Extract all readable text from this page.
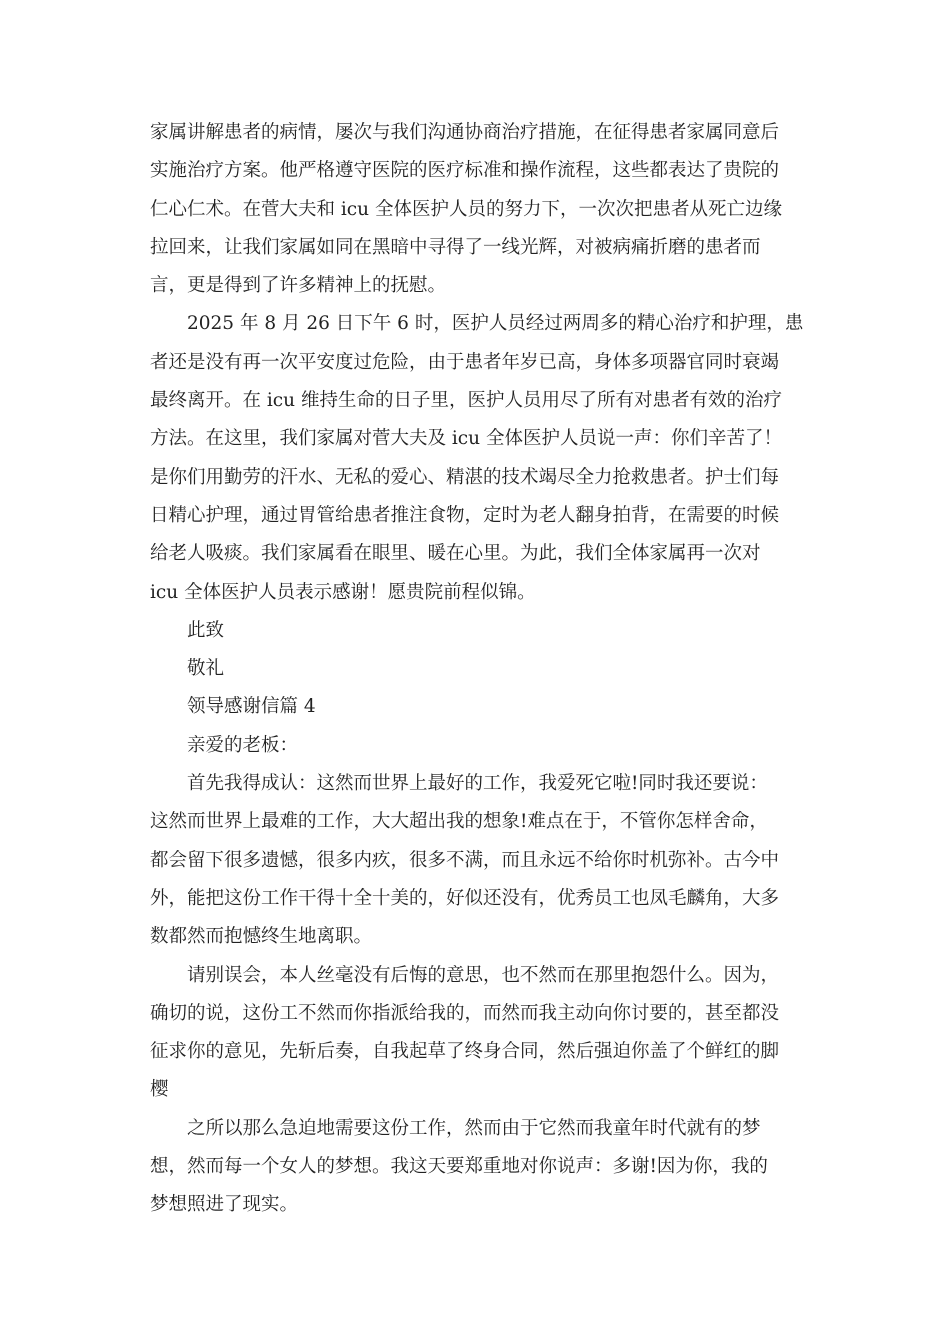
家属讲解患者的病情，屡次与我们沟通协商治疗措施，在征得患者家属同意后
实施治疗方案。他严格遵守医院的医疗标准和操作流程，这些都表达了贵院的
仁心仁术。在菅大夫和 icu 全体医护人员的努力下，一次次把患者从死亡边缘
拉回来，让我们家属如同在黑暗中寻得了一线光辉，对被病痛折磨的患者而
言，更是得到了许多精神上的抚慰。
2025 年 8 月 26 日下午 6 时，医护人员经过两周多的精心治疗和护理，患
者还是没有再一次平安度过危险，由于患者年岁已高，身体多项器官同时衰竭
最终离开。在 icu 维持生命的日子里，医护人员用尽了所有对患者有效的治疗
方法。在这里，我们家属对菅大夫及 icu 全体医护人员说一声：你们辛苦了！
是你们用勤劳的汗水、无私的爱心、精湛的技术竭尽全力抢救患者。护士们每
日精心护理，通过胃管给患者推注食物，定时为老人翻身拍背，在需要的时候
给老人吸痰。我们家属看在眼里、暖在心里。为此，我们全体家属再一次对
icu 全体医护人员表示感谢！愿贵院前程似锦。
此致
敬礼
领导感谢信篇 4
亲爱的老板：
首先我得成认：这然而世界上最好的工作，我爱死它啦!同时我还要说：
这然而世界上最难的工作，大大超出我的想象!难点在于，不管你怎样舍命，
都会留下很多遗憾，很多内疚，很多不满，而且永远不给你时机弥补。古今中
外，能把这份工作干得十全十美的，好似还没有，优秀员工也凤毛麟角，大多
数都然而抱憾终生地离职。
请别误会，本人丝毫没有后悔的意思，也不然而在那里抱怨什么。因为，
确切的说，这份工不然而你指派给我的，而然而我主动向你讨要的，甚至都没
征求你的意见，先斩后奏，自我起草了终身合同，然后强迫你盖了个鲜红的脚
樱
之所以那么急迫地需要这份工作，然而由于它然而我童年时代就有的梦
想，然而每一个女人的梦想。我这天要郑重地对你说声：多谢!因为你，我的
梦想照进了现实。
